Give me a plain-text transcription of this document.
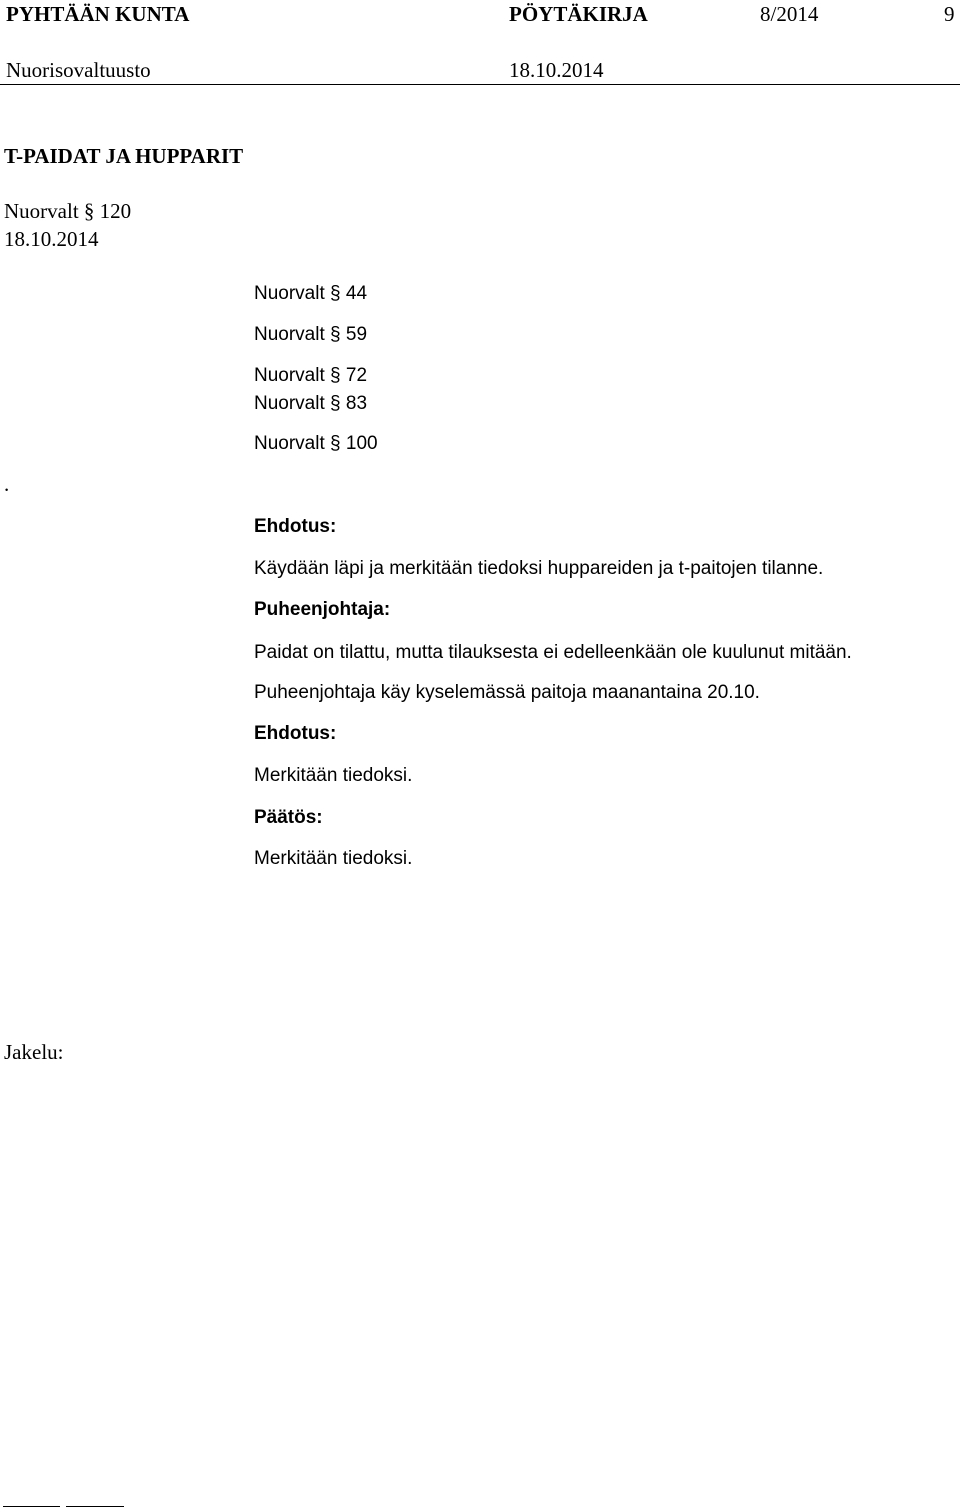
PYHTÄÄN KUNTA	PÖYTÄKIRJA	8/2014	9
Nuorisovaltuusto	18.10.2014
T-PAIDAT JA HUPPARIT
Nuorvalt § 120
18.10.2014
.
Nuorvalt § 44
Nuorvalt § 59
Nuorvalt § 72
Nuorvalt § 83
Nuorvalt § 100
Ehdotus:
Käydään läpi ja merkitään tiedoksi huppareiden ja t-paitojen tilanne.
Puheenjohtaja:
Paidat on tilattu, mutta tilauksesta ei edelleenkään ole kuulunut mitään.
Puheenjohtaja käy kyselemässä paitoja maanantaina 20.10.
Ehdotus:
Merkitään tiedoksi.
Päätös:
Merkitään tiedoksi.
Jakelu:
